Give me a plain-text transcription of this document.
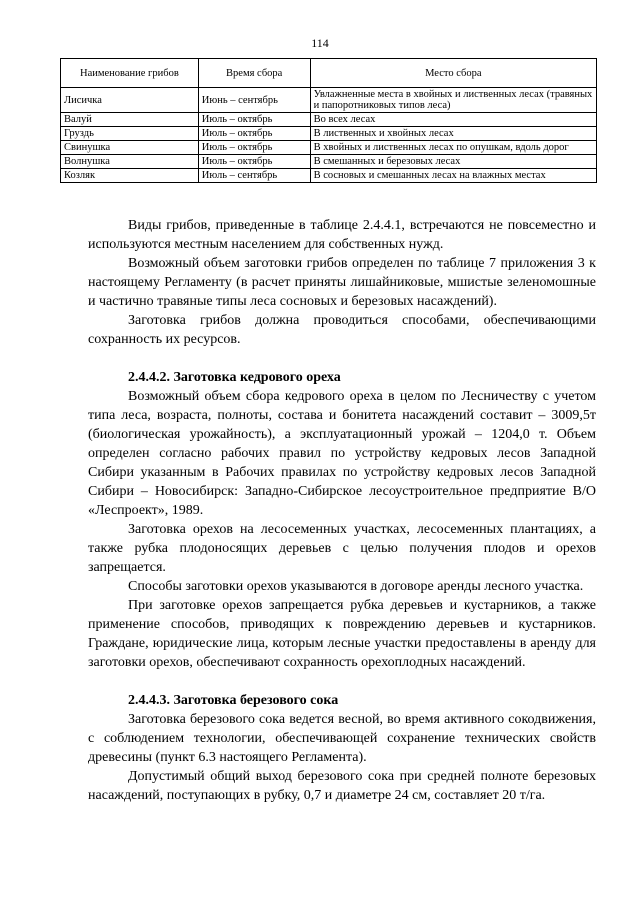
114
Наименование грибов	Время сбора	Место сбора
Лисичка	Июнь – сентябрь	Увлажненные места в хвойных и лиственных лесах (травяных и папоротниковых типов леса)
Валуй	Июль – октябрь	Во всех лесах
Груздь	Июль – октябрь	В лиственных и хвойных лесах
Свинушка	Июль – октябрь	В хвойных и лиственных лесах по опушкам, вдоль дорог
Волнушка	Июль – октябрь	В смешанных и березовых лесах
Козляк	Июль – сентябрь	В сосновых и смешанных лесах на влажных местах

Виды грибов, приведенные в таблице 2.4.4.1, встречаются не повсеместно и используются местным населением для собственных нужд.

Возможный объем заготовки грибов определен по таблице 7 приложения 3 к настоящему Регламенту (в расчет приняты лишайниковые, мшистые зеленомошные и частично травяные типы леса сосновых и березовых насаждений).

Заготовка грибов должна проводиться способами, обеспечивающими сохранность их ресурсов.

2.4.4.2. Заготовка кедрового ореха

Возможный объем сбора кедрового ореха в целом по Лесничеству с учетом типа леса, возраста, полноты, состава и бонитета насаждений составит – 3009,5т (биологическая урожайность), а эксплуатационный урожай – 1204,0 т. Объем определен согласно рабочих правил по устройству кедровых лесов Западной Сибири указанным в Рабочих правилах по устройству кедровых лесов Западной Сибири – Новосибирск: Западно-Сибирское лесоустроительное предприятие В/О «Леспроект», 1989.

Заготовка орехов на лесосеменных участках, лесосеменных плантациях, а также рубка плодоносящих деревьев с целью получения плодов и орехов запрещается.

Способы заготовки орехов указываются в договоре аренды лесного участка.

При заготовке орехов запрещается рубка деревьев и кустарников, а также применение способов, приводящих к повреждению деревьев и кустарников. Граждане, юридические лица, которым лесные участки предоставлены в аренду для заготовки орехов, обеспечивают сохранность орехоплодных насаждений.

2.4.4.3. Заготовка березового сока

Заготовка березового сока ведется весной, во время активного сокодвижения, с соблюдением технологии, обеспечивающей сохранение технических свойств древесины (пункт 6.3 настоящего Регламента).

Допустимый общий выход березового сока при средней полноте березовых насаждений, поступающих в рубку, 0,7 и диаметре 24 см, составляет 20 т/га.
